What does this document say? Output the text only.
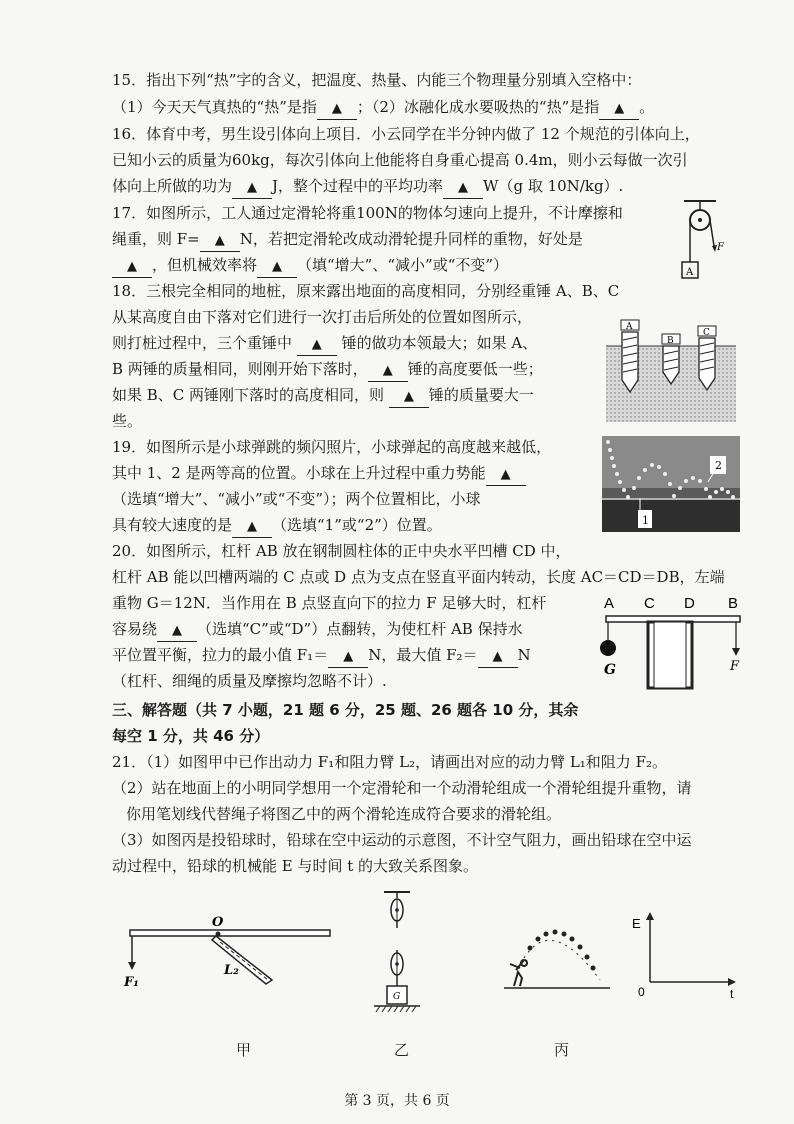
15．指出下列“热”字的含义，把温度、热量、内能三个物理量分别填入空格中：
（1）今天天气真热的“热”是指 ▲ ；（2）冰融化成水要吸热的“热”是指 ▲ 。
16．体育中考，男生设引体向上项目．小云同学在半分钟内做了 12 个规范的引体向上，
已知小云的质量为60kg，每次引体向上他能将自身重心提高 0.4m，则小云每做一次引
体向上所做的功为 ▲ J，整个过程中的平均功率 ▲ W（g 取 10N/kg）.
17．如图所示，工人通过定滑轮将重100N的物体匀速向上提升，不计摩擦和
绳重，则 F= ▲ N，若把定滑轮改成动滑轮提升同样的重物，好处是
▲ ，但机械效率将 ▲ （填“增大”、“减小”或“不变”）
F
A
18．三根完全相同的地桩，原来露出地面的高度相同，分别经重锤 A、B、C
从某高度自由下落对它们进行一次打击后所处的位置如图所示，
则打桩过程中，三个重锤中 ▲ 锤的做功本领最大；如果 A、
B 两锤的质量相同，则刚开始下落时， ▲ 锤的高度要低一些；
如果 B、C 两锤刚下落时的高度相同，则 ▲ 锤的质量要大一
些。
A
B
C
19．如图所示是小球弹跳的频闪照片，小球弹起的高度越来越低，
其中 1、2 是两等高的位置。小球在上升过程中重力势能 ▲
（选填“增大”、“减小”或“不变”）；两个位置相比，小球
具有较大速度的是 ▲ （选填“1”或“2”）位置。	1
2
20．如图所示，杠杆 AB 放在钢制圆柱体的正中央水平凹槽 CD 中，
杠杆 AB 能以凹槽两端的 C 点或 D 点为支点在竖直平面内转动，长度 AC＝CD＝DB，左端
重物 G＝12N．当作用在 B 点竖直向下的拉力 F 足够大时，杠杆
容易绕 ▲ （选填“C”或“D”）点翻转，为使杠杆 AB 保持水
平位置平衡，拉力的最小值 F₁＝ ▲ N，最大值 F₂＝ ▲ N
（杠杆、细绳的质量及摩擦均忽略不计）.
A C D B
G	F
三、解答题（共 7 小题，21 题 6 分，25 题、26 题各 10 分，其余
每空 1 分，共 46 分）
21．（1）如图甲中已作出动力 F₁和阻力臂 L₂，请画出对应的动力臂 L₁和阻力 F₂。
（2）站在地面上的小明同学想用一个定滑轮和一个动滑轮组成一个滑轮组提升重物，请
你用笔划线代替绳子将图乙中的两个滑轮连成符合要求的滑轮组。
（3）如图丙是投铅球时，铅球在空中运动的示意图，不计空气阻力，画出铅球在空中运
动过程中，铅球的机械能 E 与时间 t 的大致关系图象。
O
L₂
F₁
G
E
0	t
甲	乙	丙
第 3 页，共 6 页
